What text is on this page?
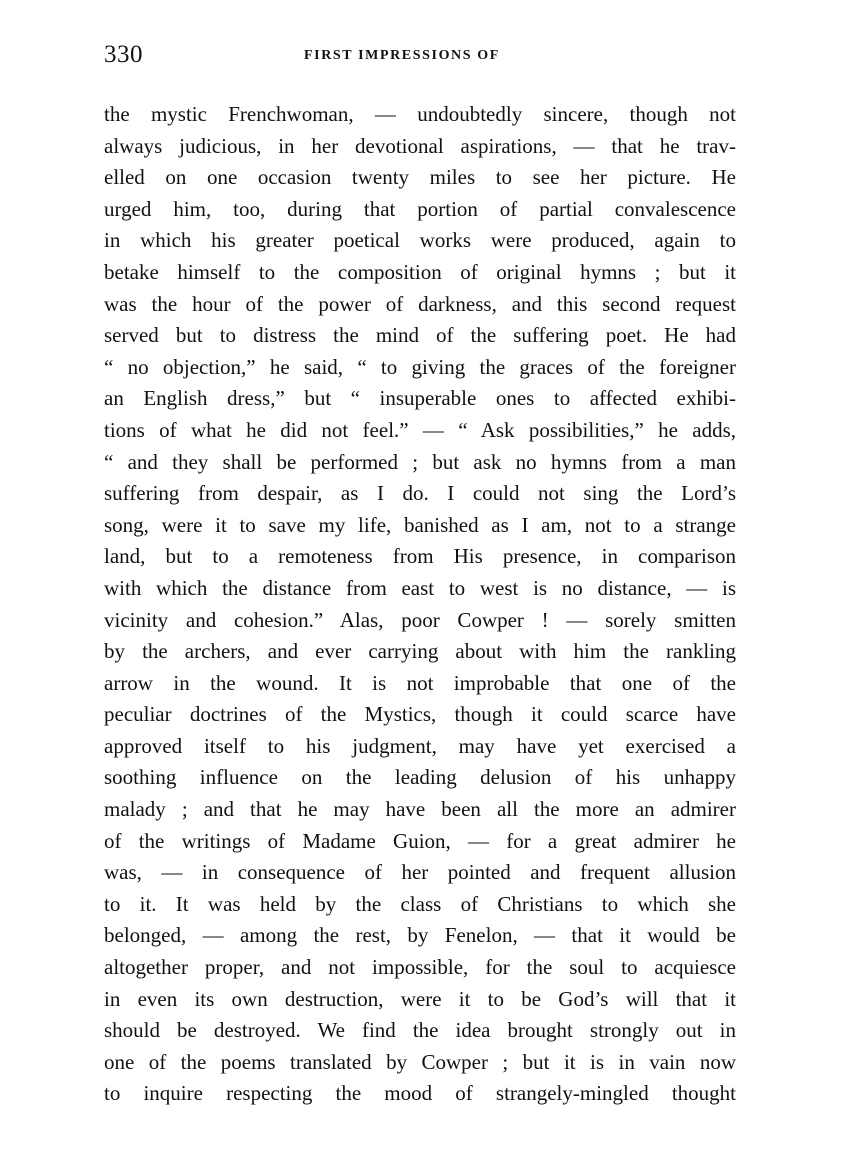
330	FIRST IMPRESSIONS OF
the mystic Frenchwoman, — undoubtedly sincere, though not
always judicious, in her devotional aspirations, — that he trav-
elled on one occasion twenty miles to see her picture. He
urged him, too, during that portion of partial convalescence
in which his greater poetical works were produced, again to
betake himself to the composition of original hymns ; but it
was the hour of the power of darkness, and this second request
served but to distress the mind of the suffering poet. He had
“ no objection,” he said, “ to giving the graces of the foreigner
an English dress,” but “ insuperable ones to affected exhibi-
tions of what he did not feel.” — “ Ask possibilities,” he adds,
“ and they shall be performed ; but ask no hymns from a man
suffering from despair, as I do. I could not sing the Lord’s
song, were it to save my life, banished as I am, not to a strange
land, but to a remoteness from His presence, in comparison
with which the distance from east to west is no distance, — is
vicinity and cohesion.” Alas, poor Cowper ! — sorely smitten
by the archers, and ever carrying about with him the rankling
arrow in the wound. It is not improbable that one of the
peculiar doctrines of the Mystics, though it could scarce have
approved itself to his judgment, may have yet exercised a
soothing influence on the leading delusion of his unhappy
malady ; and that he may have been all the more an admirer
of the writings of Madame Guion, — for a great admirer he
was, — in consequence of her pointed and frequent allusion
to it. It was held by the class of Christians to which she
belonged, — among the rest, by Fenelon, — that it would be
altogether proper, and not impossible, for the soul to acquiesce
in even its own destruction, were it to be God’s will that it
should be destroyed. We find the idea brought strongly out in
one of the poems translated by Cowper ; but it is in vain now
to inquire respecting the mood of strangely-mingled thought
